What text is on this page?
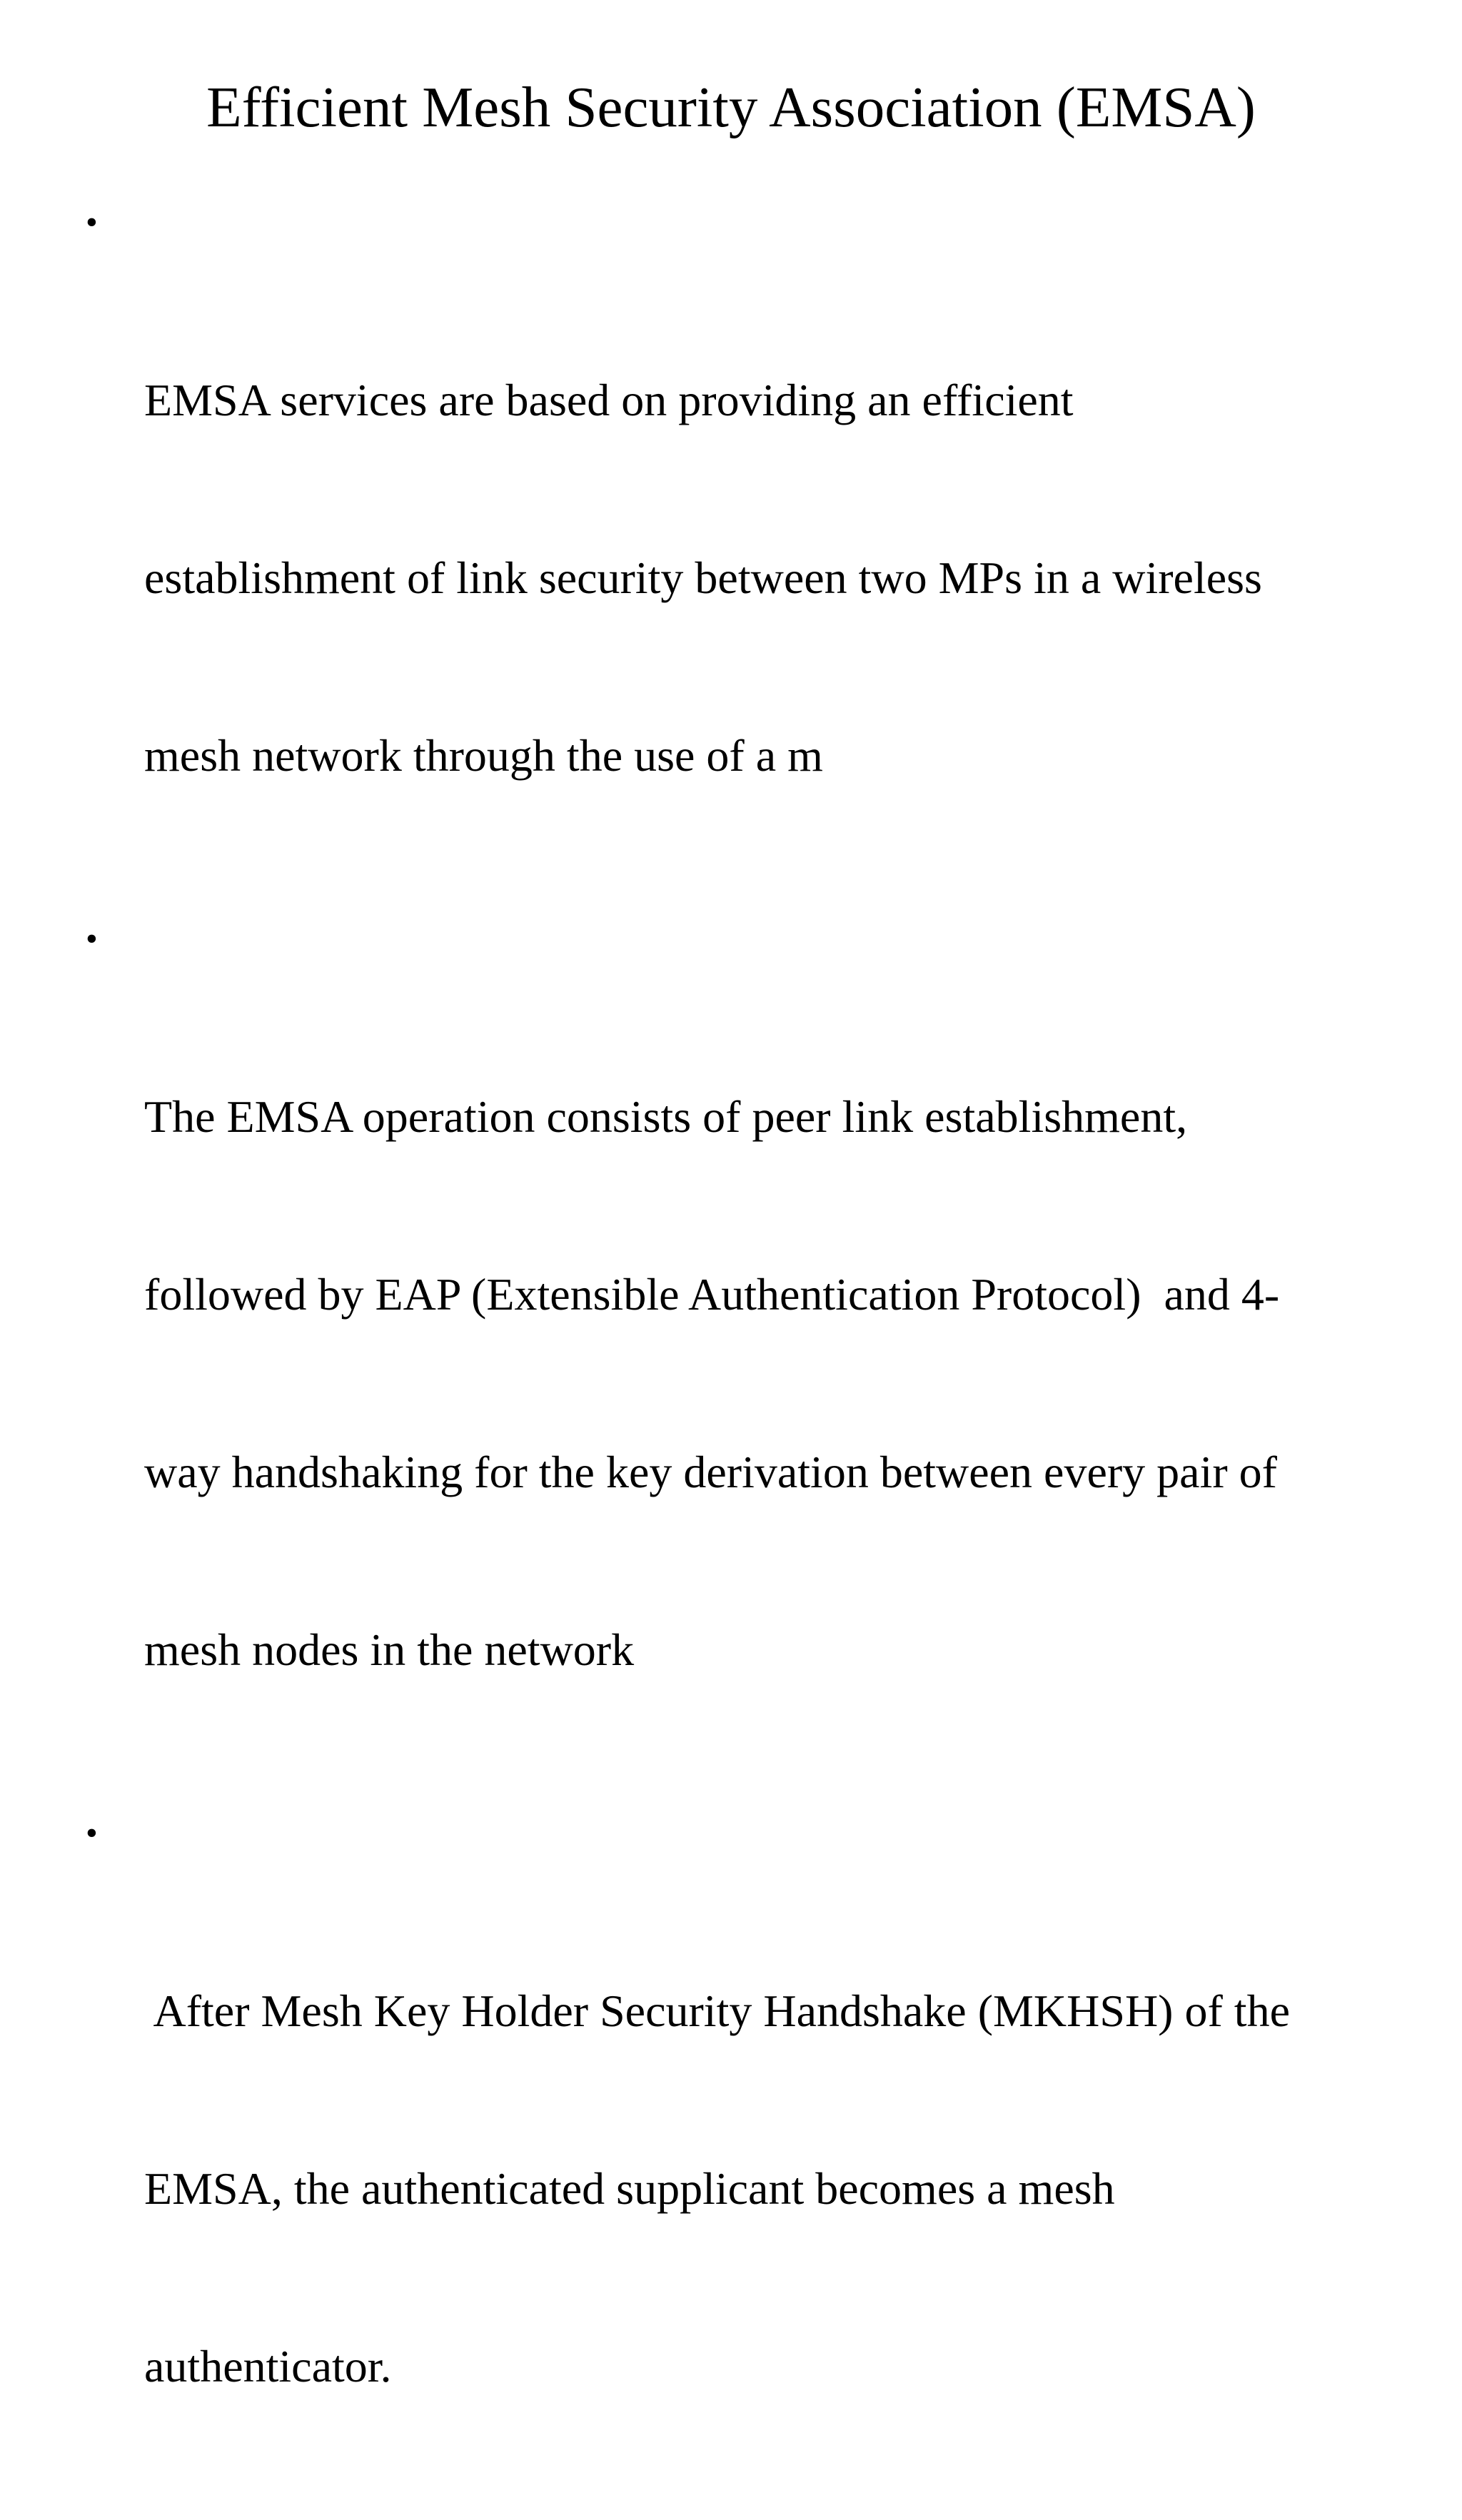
Efficient Mesh Security Association (EMSA)

•

EMSA services are based on providing an efficient

establishment of link security between two MPs in a wireless

mesh network through the use of a m

•

The EMSA operation consists of peer link establishment,

followed by EAP (Extensible Authentication Protocol)  and 4-

way handshaking for the key derivation between every pair of

mesh nodes in the network

•

After Mesh Key Holder Security Handshake (MKHSH) of the

EMSA, the authenticated supplicant becomes a mesh

authenticator.
